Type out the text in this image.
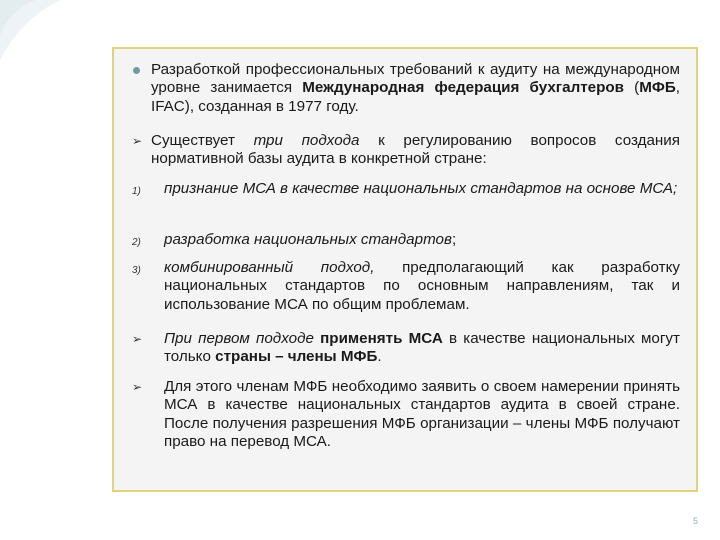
Разработкой профессиональных требований к аудиту на международном уровне занимается Международная федерация бухгалтеров (МФБ, IFAC), созданная в 1977 году.
➢ Существует три подхода к регулированию вопросов создания нормативной базы аудита в конкретной стране:
1) признание МСА в качестве национальных стандартов на основе МСА;
2) разработка национальных стандартов;
3) комбинированный подход, предполагающий как разработку национальных стандартов по основным направлениям, так и использование МСА по общим проблемам.
➢ При первом подходе применять МСА в качестве национальных могут только страны – члены МФБ.
➢ Для этого членам МФБ необходимо заявить о своем намерении принять МСА в качестве национальных стандартов аудита в своей стране. После получения разрешения МФБ организации – члены МФБ получают право на перевод МСА.
5
